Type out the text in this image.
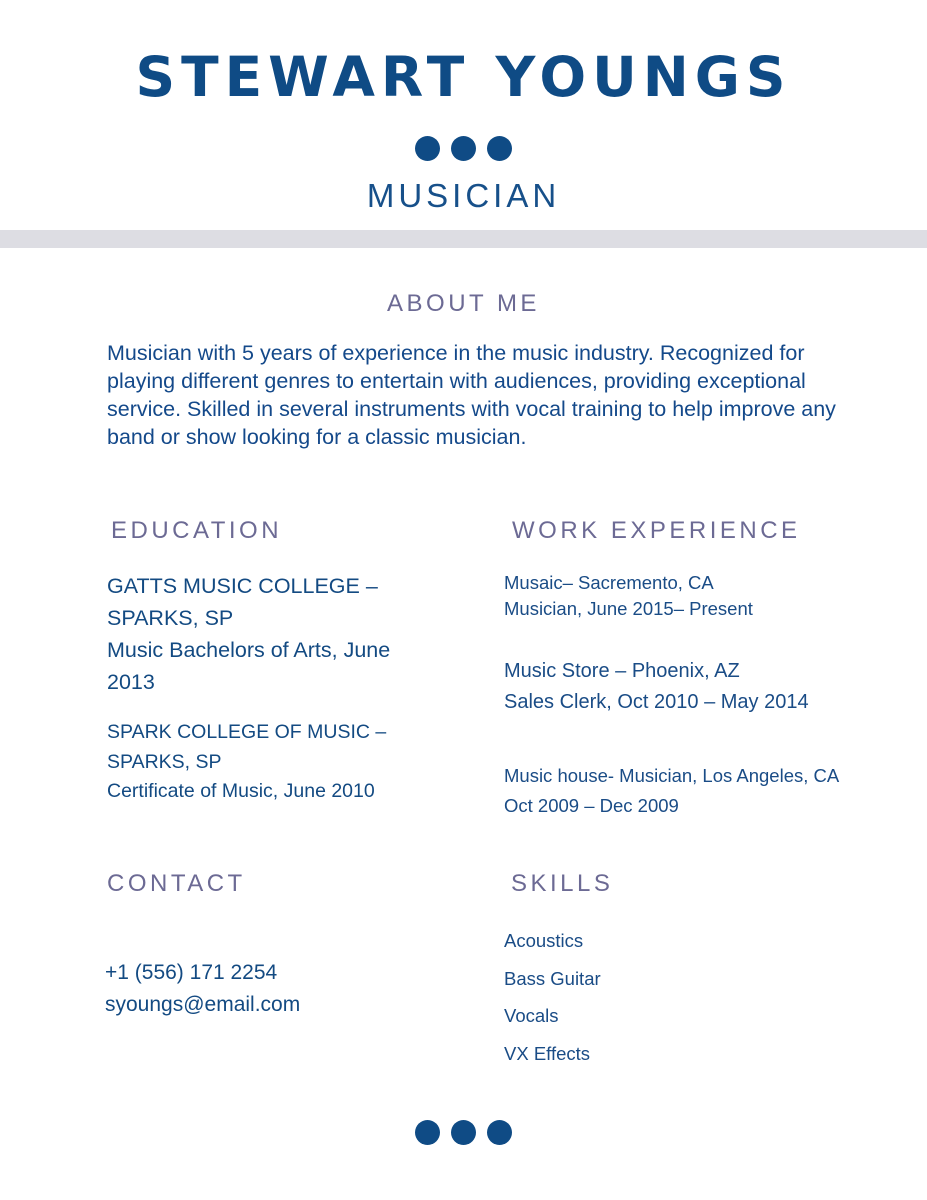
STEWART YOUNGS
MUSICIAN
ABOUT ME
Musician with 5 years of experience in the music industry. Recognized for playing different genres to entertain with audiences, providing exceptional service. Skilled in several instruments with vocal training to help improve any band or show looking for a classic musician.
EDUCATION
GATTS MUSIC COLLEGE – SPARKS, SP
Music Bachelors of Arts, June 2013
SPARK COLLEGE OF MUSIC – SPARKS, SP
Certificate of Music, June 2010
WORK EXPERIENCE
Musaic– Sacremento, CA
Musician, June 2015– Present
Music Store – Phoenix, AZ
Sales Clerk, Oct 2010 – May 2014
Music house- Musician, Los Angeles, CA
Oct 2009 – Dec 2009
CONTACT
+1 (556) 171 2254
syoungs@email.com
SKILLS
Acoustics
Bass Guitar
Vocals
VX Effects
